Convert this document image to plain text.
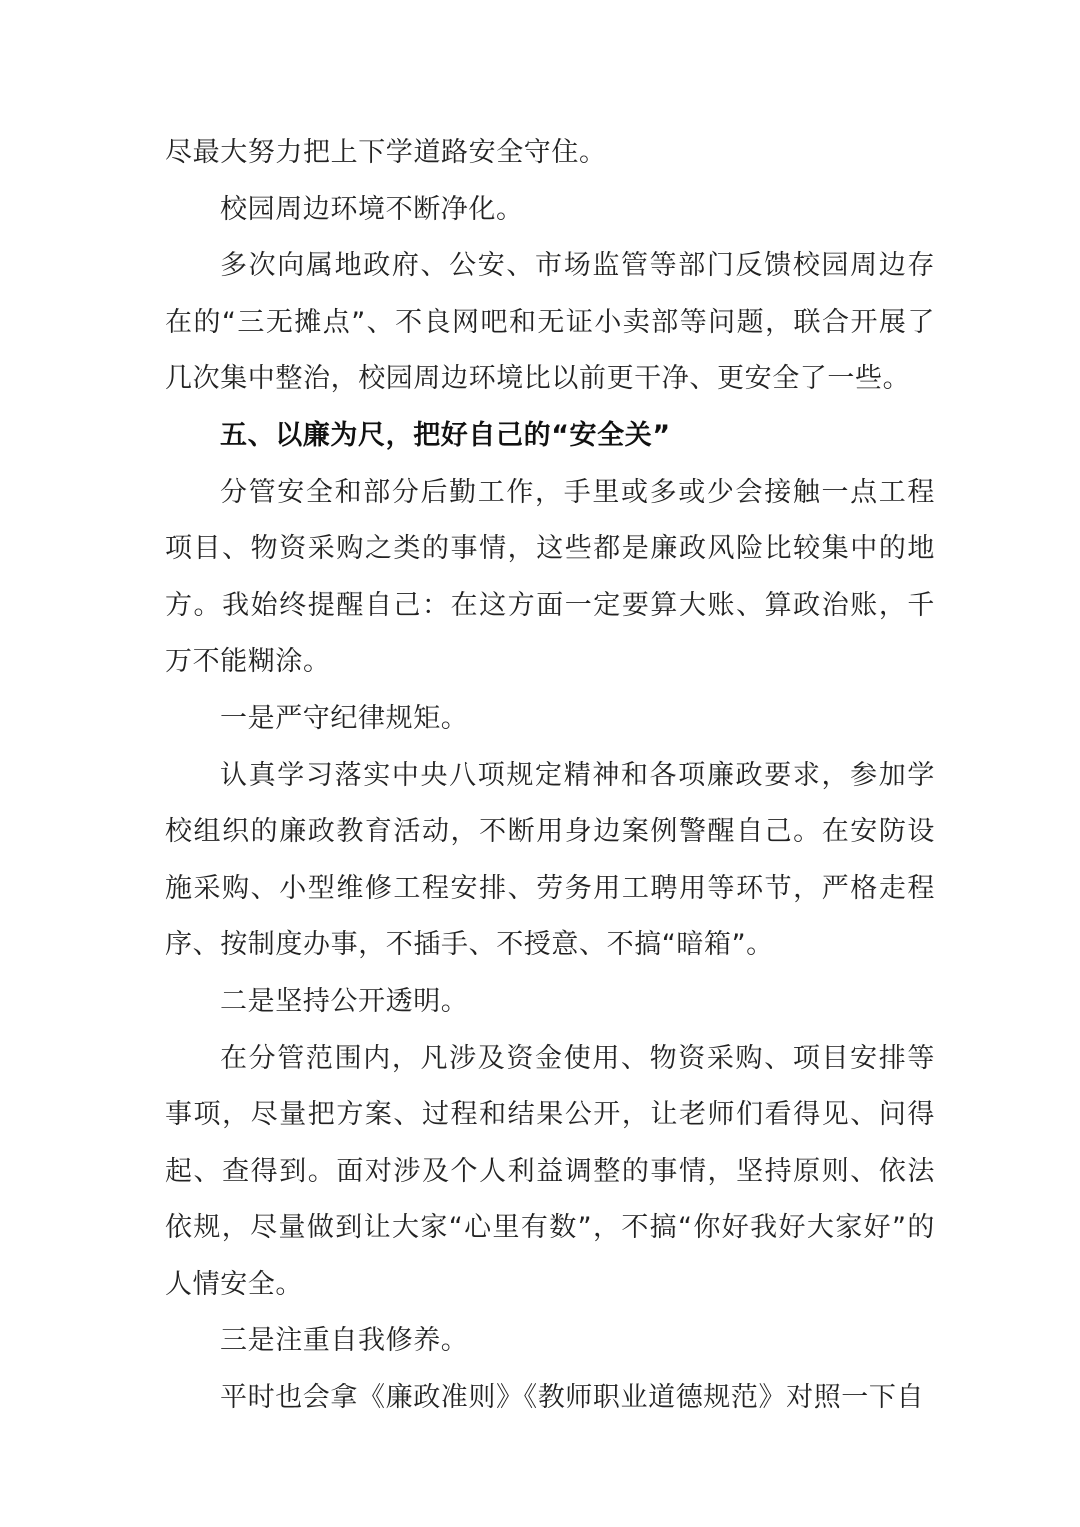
尽最大努力把上下学道路安全守住。

校园周边环境不断净化。

多次向属地政府、公安、市场监管等部门反馈校园周边存在的“三无摊点”、不良网吧和无证小卖部等问题，联合开展了几次集中整治，校园周边环境比以前更干净、更安全了一些。

五、以廉为尺，把好自己的“安全关”

分管安全和部分后勤工作，手里或多或少会接触一点工程项目、物资采购之类的事情，这些都是廉政风险比较集中的地方。我始终提醒自己：在这方面一定要算大账、算政治账，千万不能糊涂。

一是严守纪律规矩。

认真学习落实中央八项规定精神和各项廉政要求，参加学校组织的廉政教育活动，不断用身边案例警醒自己。在安防设施采购、小型维修工程安排、劳务用工聘用等环节，严格走程序、按制度办事，不插手、不授意、不搞“暗箱”。

二是坚持公开透明。

在分管范围内，凡涉及资金使用、物资采购、项目安排等事项，尽量把方案、过程和结果公开，让老师们看得见、问得起、查得到。面对涉及个人利益调整的事情，坚持原则、依法依规，尽量做到让大家“心里有数”，不搞“你好我好大家好”的人情安全。

三是注重自我修养。

平时也会拿《廉政准则》《教师职业道德规范》对照一下自
